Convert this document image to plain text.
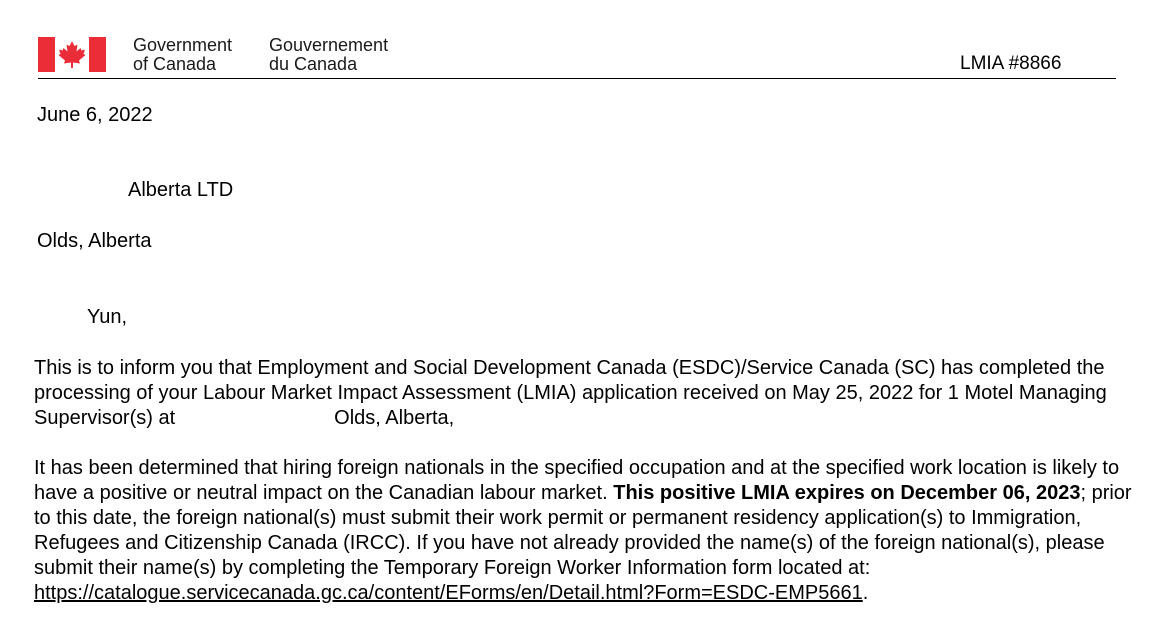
Government
of Canada
Gouvernement
du Canada	LMIA #8866
June 6, 2022
Alberta LTD
Olds, Alberta
Yun,
This is to inform you that Employment and Social Development Canada (ESDC)/Service Canada (SC) has completed the processing of your Labour Market Impact Assessment (LMIA) application received on May 25, 2022 for 1 Motel Managing Supervisor(s) at	Olds, Alberta,
It has been determined that hiring foreign nationals in the specified occupation and at the specified work location is likely to have a positive or neutral impact on the Canadian labour market. This positive LMIA expires on December 06, 2023; prior to this date, the foreign national(s) must submit their work permit or permanent residency application(s) to Immigration, Refugees and Citizenship Canada (IRCC). If you have not already provided the name(s) of the foreign national(s), please submit their name(s) by completing the Temporary Foreign Worker Information form located at: https://catalogue.servicecanada.gc.ca/content/EForms/en/Detail.html?Form=ESDC-EMP5661.
